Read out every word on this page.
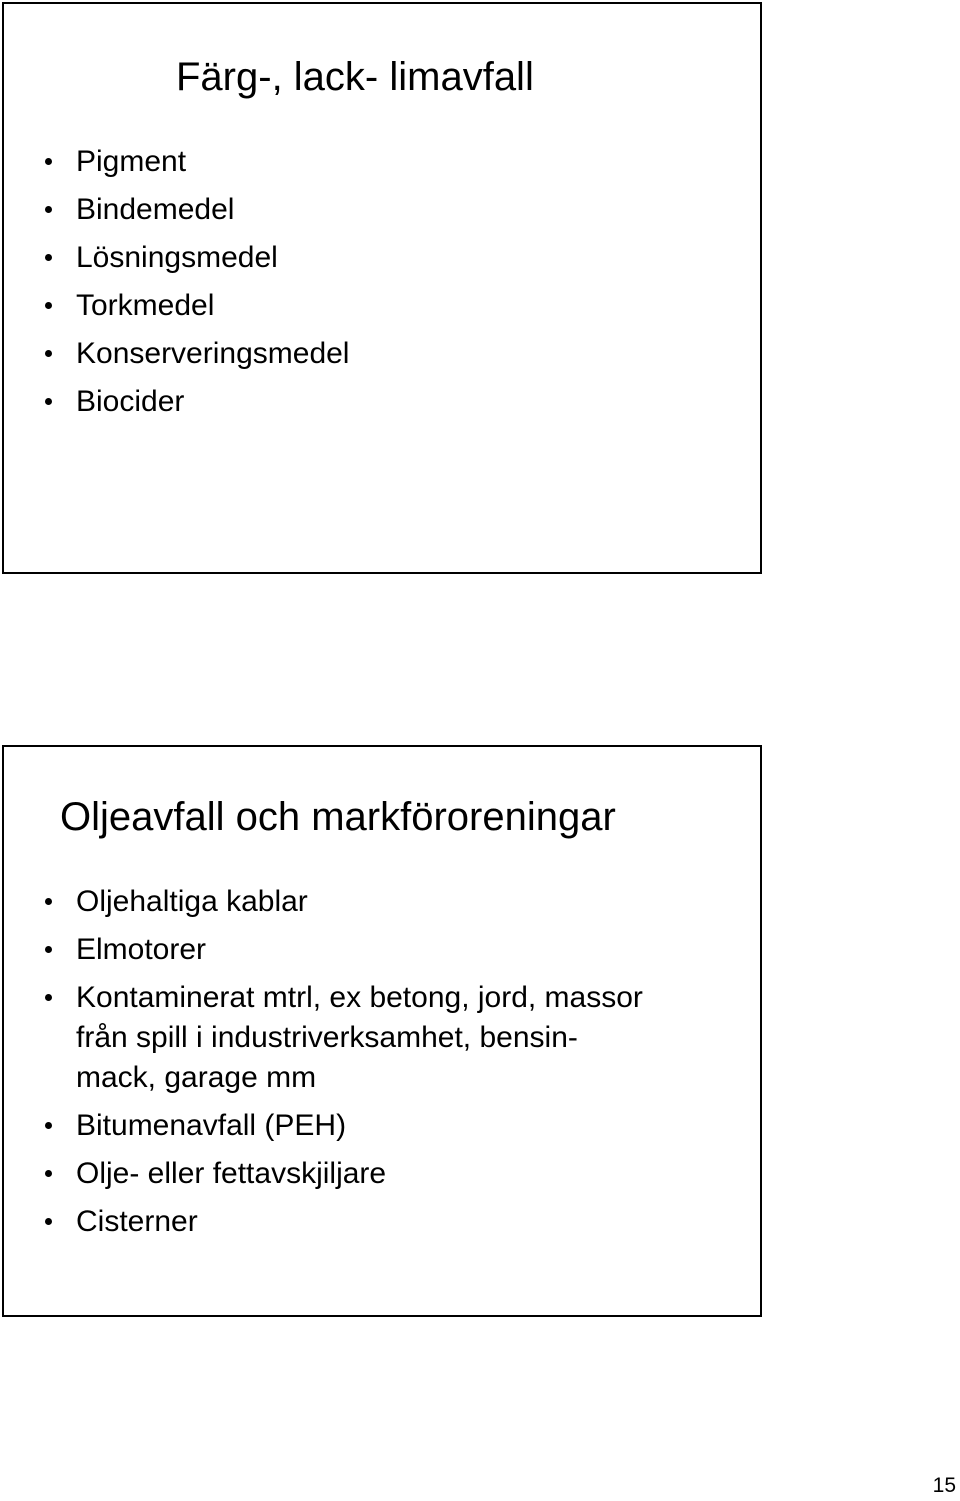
Färg-, lack- limavfall
Pigment
Bindemedel
Lösningsmedel
Torkmedel
Konserveringsmedel
Biocider
Oljeavfall och markföroreningar
Oljehaltiga kablar
Elmotorer
Kontaminerat mtrl, ex betong, jord, massor
från spill i industriverksamhet, bensin-
mack, garage mm
Bitumenavfall (PEH)
Olje- eller fettavskjiljare
Cisterner
15
